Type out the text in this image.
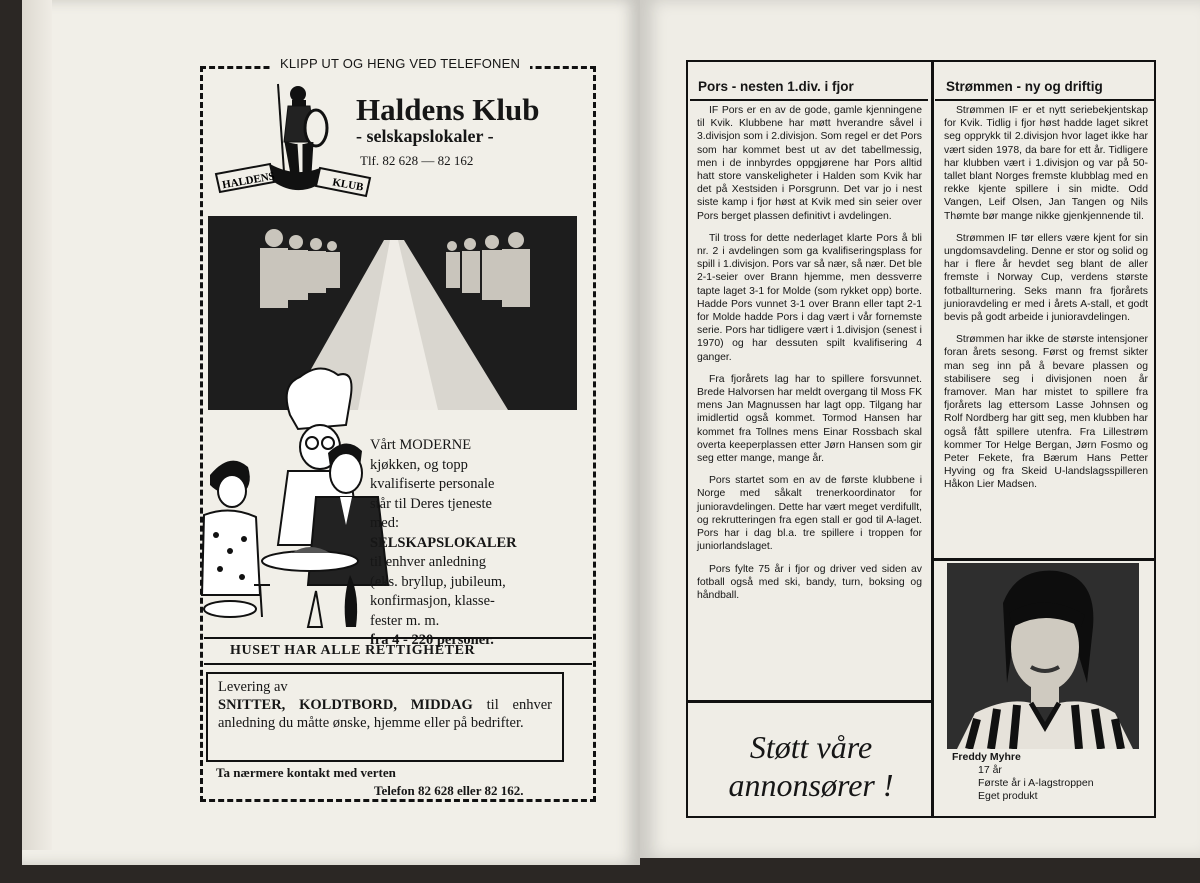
KLIPP UT OG HENG VED TELEFONEN
HALDENS	KLUB
Haldens Klub
- selskapslokaler -
Tlf. 82 628 — 82 162
Vårt MODERNE
kjøkken, og topp
kvalifiserte personale
står til Deres tjeneste
med:
SELSKAPSLOKALER
til enhver anledning
(eks. bryllup, jubileum,
konfirmasjon, klasse-
fester m. m.
fra 4 - 220 personer.
HUSET HAR ALLE RETTIGHETER
Levering av
SNITTER, KOLDTBORD, MIDDAG til enhver anledning du måtte ønske, hjemme eller på bedrifter.
Ta nærmere kontakt med verten
Telefon 82 628 eller 82 162.
Pors - nesten 1.div. i fjor

IF Pors er en av de gode, gamle kjenningene til Kvik. Klubbene har møtt hverandre såvel i 3.divisjon som i 2.divisjon. Som regel er det Pors som har kommet best ut av det tabellmessig, men i de innbyrdes oppgjørene har Pors alltid hatt store vanskeligheter i Halden som Kvik har det på Xestsiden i Porsgrunn. Det var jo i nest siste kamp i fjor høst at Kvik med sin seier over Pors berget plassen definitivt i avdelingen.

Til tross for dette nederlaget klarte Pors å bli nr. 2 i avdelingen som ga kvalifiseringsplass for spill i 1.divisjon. Pors var så nær, så nær. Det ble 2-1-seier over Brann hjemme, men dessverre tapte laget 3-1 for Molde (som rykket opp) borte. Hadde Pors vunnet 3-1 over Brann eller tapt 2-1 for Molde hadde Pors i dag vært i vår fornemste serie. Pors har tidligere vært i 1.divisjon (senest i 1970) og har dessuten spilt kvalifisering 4 ganger.

Fra fjorårets lag har to spillere forsvunnet. Brede Halvorsen har meldt overgang til Moss FK mens Jan Magnussen har lagt opp. Tilgang har imidlertid også kommet. Tormod Hansen har kommet fra Tollnes mens Einar Rossbach skal overta keeperplassen etter Jørn Hansen som gir seg etter mange, mange år.

Pors startet som en av de første klubbene i Norge med såkalt trenerkoordinator for junioravdelingen. Dette har vært meget verdifullt, og rekrutteringen fra egen stall er god til A-laget. Pors har i dag bl.a. tre spillere i troppen for juniorlandslaget.

Pors fylte 75 år i fjor og driver ved siden av fotball også med ski, bandy, turn, boksing og håndball.

Støtt våre
annonsører !
Strømmen - ny og driftig

Strømmen IF er et nytt seriebekjentskap for Kvik. Tidlig i fjor høst hadde laget sikret seg opprykk til 2.divisjon hvor laget ikke har vært siden 1978, da bare for ett år. Tidligere har klubben vært i 1.divisjon og var på 50-tallet blant Norges fremste klubblag med en rekke kjente spillere i sin midte. Odd Vangen, Leif Olsen, Jan Tangen og Nils Thømte bør mange nikke gjenkjennende til.

Strømmen IF tør ellers være kjent for sin ungdomsavdeling. Denne er stor og solid og har i flere år hevdet seg blant de aller fremste i Norway Cup, verdens største fotballturnering. Seks mann fra fjorårets junioravdeling er med i årets A-stall, et godt bevis på godt arbeide i junioravdelingen.

Strømmen har ikke de største intensjoner foran årets sesong. Først og fremst sikter man seg inn på å bevare plassen og stabilisere seg i divisjonen noen år framover. Man har mistet to spillere fra fjorårets lag ettersom Lasse Johnsen og Rolf Nordberg har gitt seg, men klubben har også fått spillere utenfra. Fra Lillestrøm kommer Tor Helge Bergan, Jørn Fosmo og Peter Fekete, fra Bærum Hans Petter Hyving og fra Skeid U-landslagsspilleren Håkon Lier Madsen.

Freddy Myhre
17 år
Første år i A-lagstroppen
Eget produkt
